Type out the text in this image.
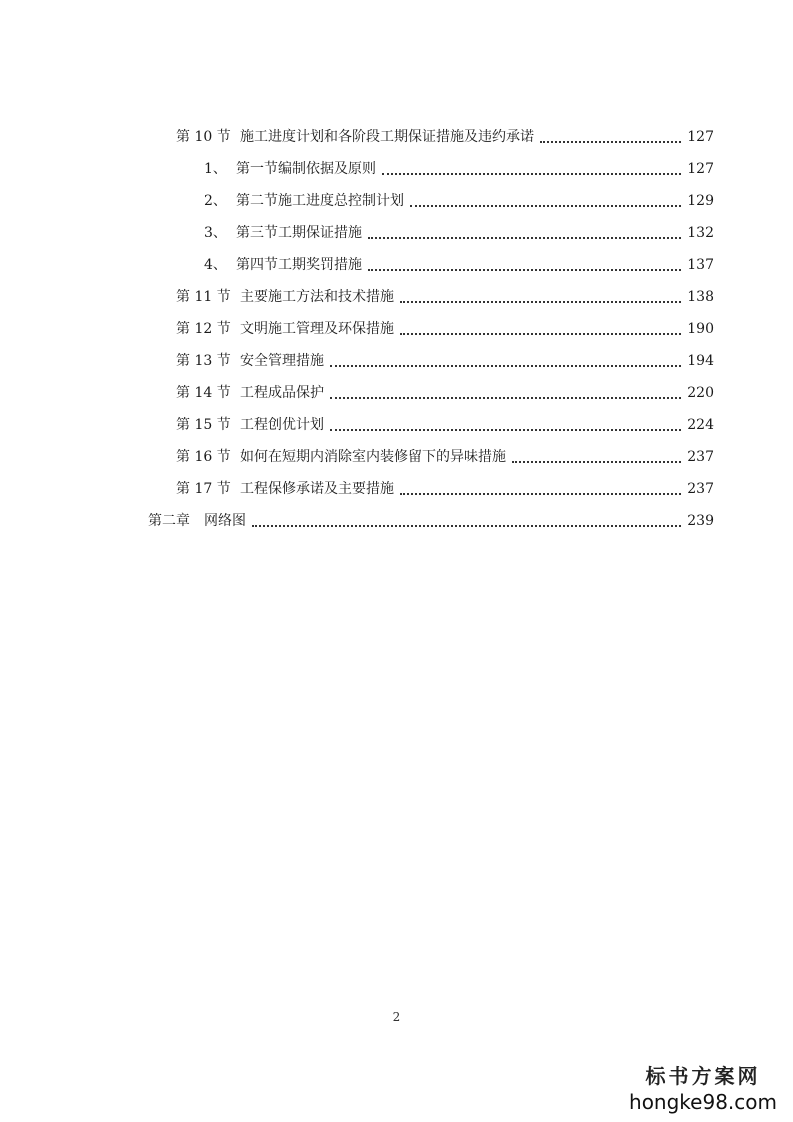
第 10 节 施工进度计划和各阶段工期保证措施及违约承诺	127
1、 第一节编制依据及原则	127
2、 第二节施工进度总控制计划	129
3、 第三节工期保证措施	132
4、 第四节工期奖罚措施	137
第 11 节 主要施工方法和技术措施	138
第 12 节 文明施工管理及环保措施	190
第 13 节 安全管理措施	194
第 14 节 工程成品保护	220
第 15 节 工程创优计划	224
第 16 节 如何在短期内消除室内装修留下的异味措施	237
第 17 节 工程保修承诺及主要措施	237
第二章	网络图	239
2
标书方案网
hongke98.com
